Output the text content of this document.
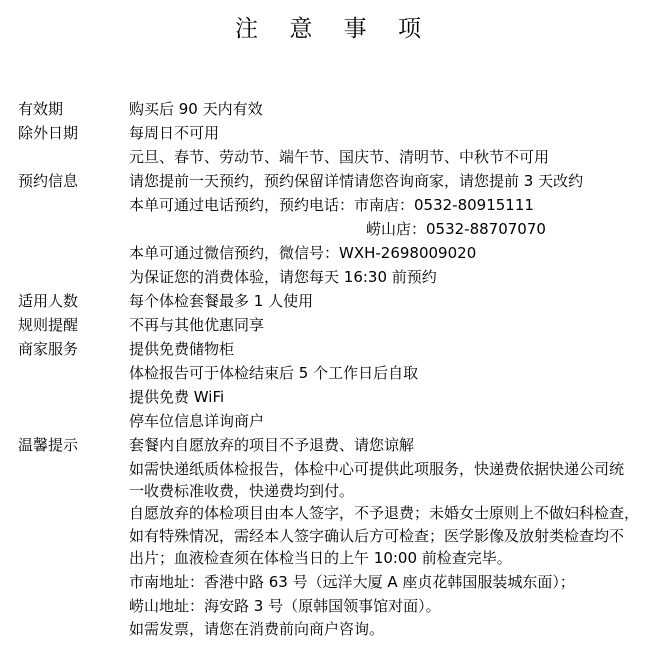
注 意 事 项
有效期	购买后 90 天内有效
除外日期	每周日不可用
元旦、春节、劳动节、端午节、国庆节、清明节、中秋节不可用
预约信息	请您提前一天预约，预约保留详情请您咨询商家，请您提前 3 天改约
本单可通过电话预约，预约电话：市南店：0532-80915111
崂山店：0532-88707070
本单可通过微信预约，微信号：WXH-2698009020
为保证您的消费体验，请您每天 16:30 前预约
适用人数	每个体检套餐最多 1 人使用
规则提醒	不再与其他优惠同享
商家服务	提供免费储物柜
体检报告可于体检结束后 5 个工作日后自取
提供免费 WiFi
停车位信息详询商户
温馨提示	套餐内自愿放弃的项目不予退费、请您谅解
如需快递纸质体检报告，体检中心可提供此项服务，快递费依据快递公司统
一收费标准收费，快递费均到付。
自愿放弃的体检项目由本人签字，不予退费；未婚女士原则上不做妇科检查，
如有特殊情况，需经本人签字确认后方可检查；医学影像及放射类检查均不
出片；血液检查须在体检当日的上午 10:00 前检查完毕。
市南地址：香港中路 63 号（远洋大厦 A 座贞花韩国服装城东面）；
崂山地址：海安路 3 号（原韩国领事馆对面）。
如需发票，请您在消费前向商户咨询。
